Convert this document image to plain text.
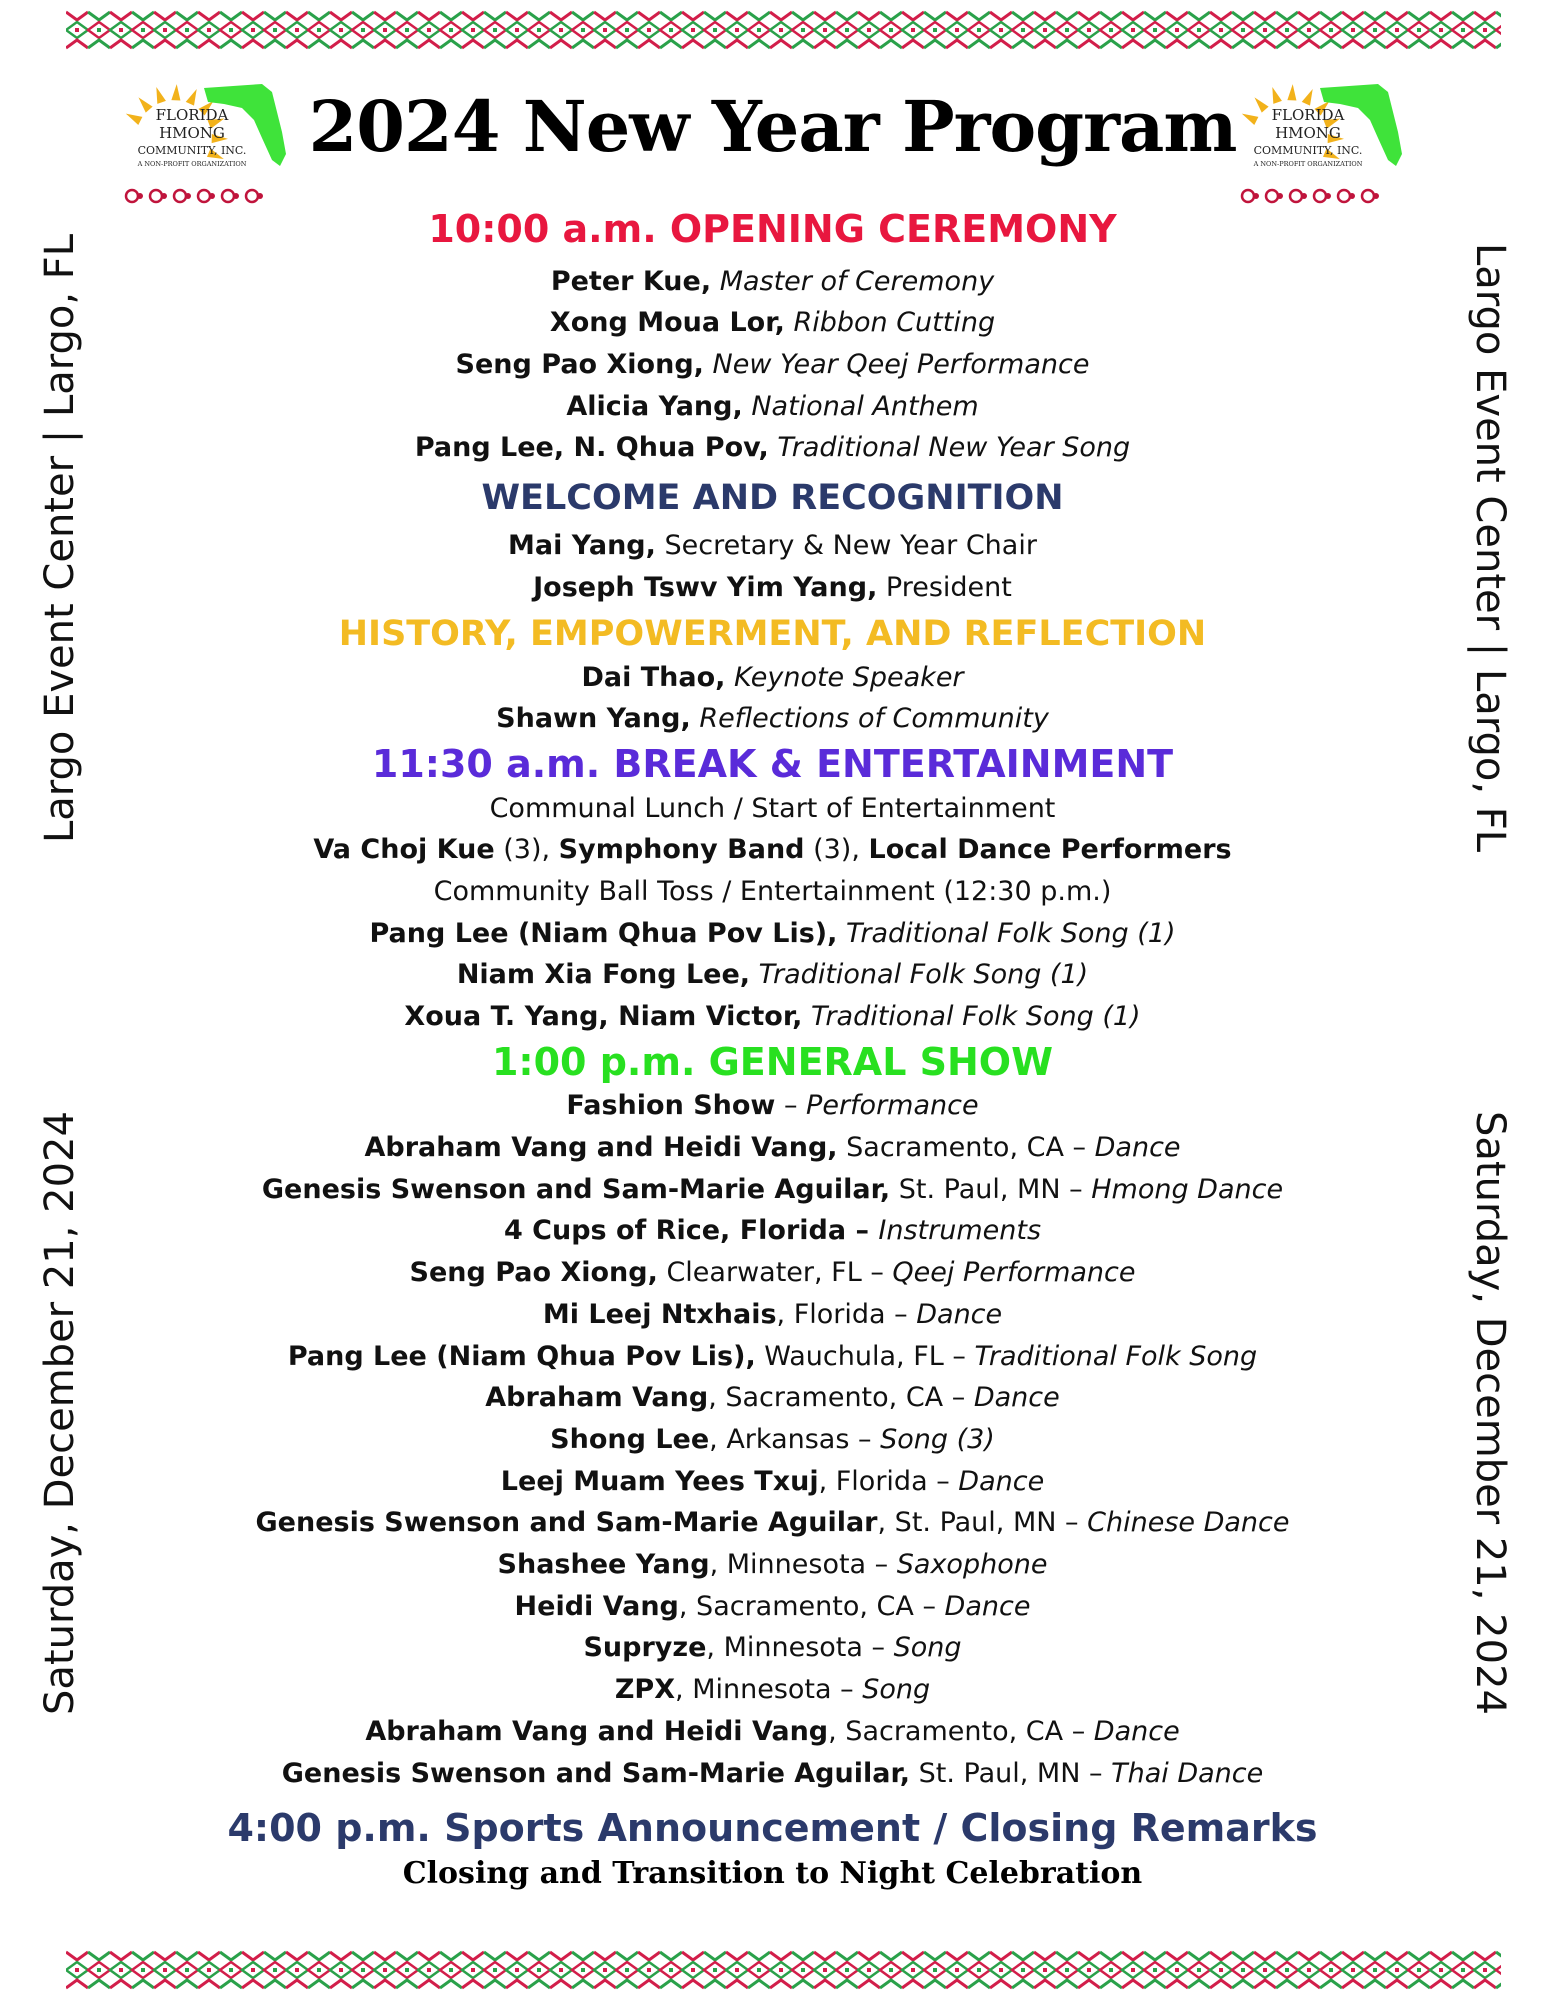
FLORIDA
HMONG
COMMUNITY, INC.
A NON-PROFIT ORGANIZATION
FLORIDA
HMONG
COMMUNITY, INC.
A NON-PROFIT ORGANIZATION
2024 New Year Program
Largo Event Center | Largo, FL
Saturday, December 21, 2024
Largo Event Center | Largo, FL
Saturday, December 21, 2024
10:00 a.m. OPENING CEREMONY
Peter Kue, Master of Ceremony
Xong Moua Lor, Ribbon Cutting
Seng Pao Xiong, New Year Qeej Performance
Alicia Yang, National Anthem
Pang Lee, N. Qhua Pov, Traditional New Year Song
WELCOME AND RECOGNITION
Mai Yang, Secretary & New Year Chair
Joseph Tswv Yim Yang, President
HISTORY, EMPOWERMENT, AND REFLECTION
Dai Thao, Keynote Speaker
Shawn Yang, Reflections of Community
11:30 a.m. BREAK & ENTERTAINMENT
Communal Lunch / Start of Entertainment
Va Choj Kue (3), Symphony Band (3), Local Dance Performers
Community Ball Toss / Entertainment (12:30 p.m.)
Pang Lee (Niam Qhua Pov Lis), Traditional Folk Song (1)
Niam Xia Fong Lee, Traditional Folk Song (1)
Xoua T. Yang, Niam Victor, Traditional Folk Song (1)
1:00 p.m. GENERAL SHOW
Fashion Show – Performance
Abraham Vang and Heidi Vang, Sacramento, CA – Dance
Genesis Swenson and Sam-Marie Aguilar, St. Paul, MN – Hmong Dance
4 Cups of Rice, Florida – Instruments
Seng Pao Xiong, Clearwater, FL – Qeej Performance
Mi Leej Ntxhais, Florida – Dance
Pang Lee (Niam Qhua Pov Lis), Wauchula, FL – Traditional Folk Song
Abraham Vang, Sacramento, CA – Dance
Shong Lee, Arkansas – Song (3)
Leej Muam Yees Txuj, Florida – Dance
Genesis Swenson and Sam-Marie Aguilar, St. Paul, MN – Chinese Dance
Shashee Yang, Minnesota – Saxophone
Heidi Vang, Sacramento, CA – Dance
Supryze, Minnesota – Song
ZPX, Minnesota – Song
Abraham Vang and Heidi Vang, Sacramento, CA – Dance
Genesis Swenson and Sam-Marie Aguilar, St. Paul, MN – Thai Dance
4:00 p.m. Sports Announcement / Closing Remarks
Closing and Transition to Night Celebration
